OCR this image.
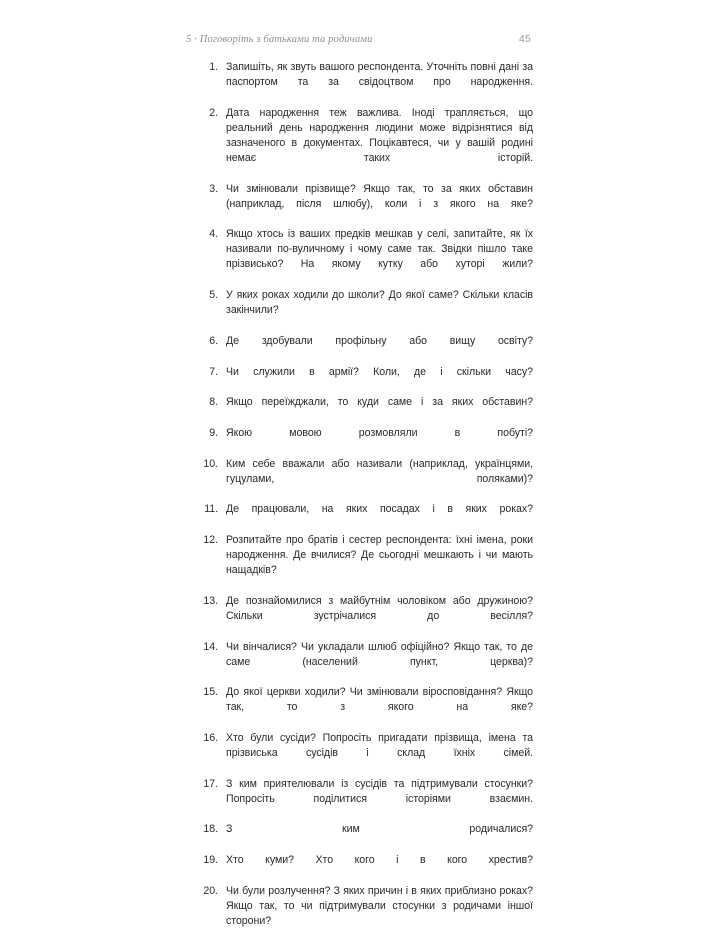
5 · Поговоріть з батьками та родичами	45
1. Запишіть, як звуть вашого респондента. Уточніть повні дані за паспортом та за свідоцтвом про народження.
2. Дата народження теж важлива. Іноді трапляється, що реальний день народження людини може відрізнятися від зазначеного в документах. Поцікавтеся, чи у вашій родині немає таких історій.
3. Чи змінювали прізвище? Якщо так, то за яких обставин (наприклад, після шлюбу), коли і з якого на яке?
4. Якщо хтось із ваших предків мешкав у селі, запитайте, як їх називали по-вуличному і чому саме так. Звідки пішло таке прізвисько? На якому кутку або хуторі жили?
5. У яких роках ходили до школи? До якої саме? Скільки класів закінчили?
6. Де здобували профільну або вищу освіту?
7. Чи служили в армії? Коли, де і скільки часу?
8. Якщо переїжджали, то куди саме і за яких обставин?
9. Якою мовою розмовляли в побуті?
10. Ким себе вважали або називали (наприклад, українцями, гуцулами, поляками)?
11. Де працювали, на яких посадах і в яких роках?
12. Розпитайте про братів і сестер респондента: їхні імена, роки народження. Де вчилися? Де сьогодні мешкають і чи мають нащадків?
13. Де познайомилися з майбутнім чоловіком або дружиною? Скільки зустрічалися до весілля?
14. Чи вінчалися? Чи укладали шлюб офіційно? Якщо так, то де саме (населений пункт, церква)?
15. До якої церкви ходили? Чи змінювали віросповідання? Якщо так, то з якого на яке?
16. Хто були сусіди? Попросіть пригадати прізвища, імена та прізвиська сусідів і склад їхніх сімей.
17. З ким приятелювали із сусідів та підтримували стосунки? Попросіть поділитися історіями взаємин.
18. З ким родичалися?
19. Хто куми? Хто кого і в кого хрестив?
20. Чи були розлучення? З яких причин і в яких приблизно роках? Якщо так, то чи підтримували стосунки з родичами іншої сторони?
